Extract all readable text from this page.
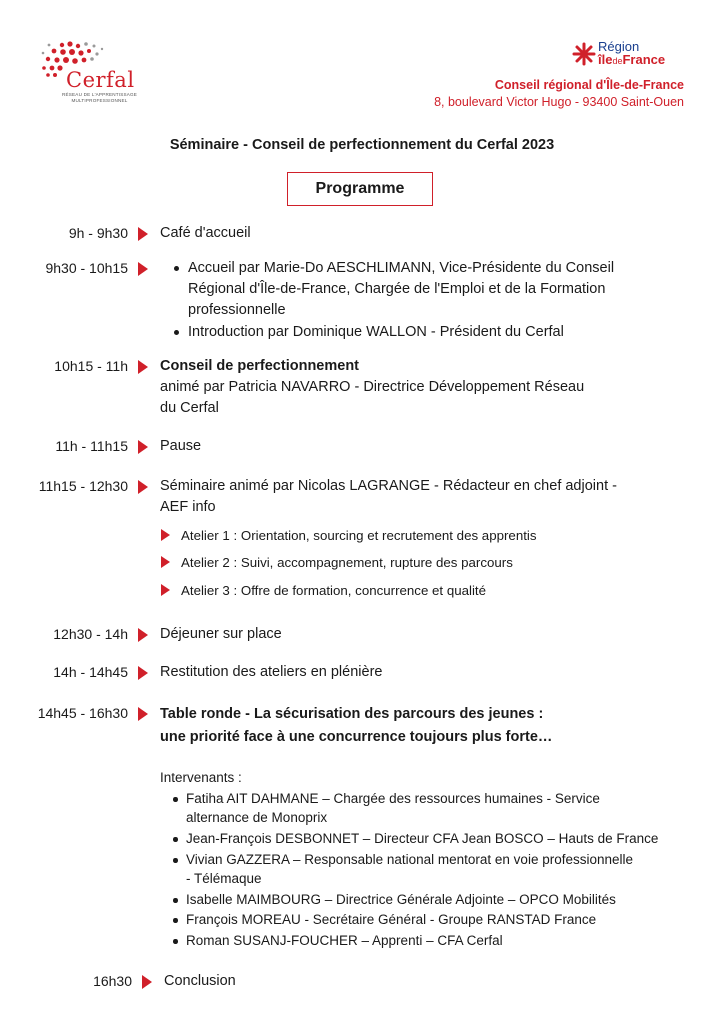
Cerfal
RÉSEAU DE L'APPRENTISSAGE
MULTIPROFESSIONNEL
Région
îledeFrance
Conseil régional d'Île-de-France
8, boulevard Victor Hugo - 93400 Saint-Ouen
Séminaire - Conseil de perfectionnement du Cerfal 2023
Programme
9h - 9h30 Café d'accueil
9h30 - 10h15	Accueil par Marie-Do AESCHLIMANN, Vice-Présidente du Conseil
Régional d'Île-de-France, Chargée de l'Emploi et de la Formation
professionnelle
Introduction par Dominique WALLON - Président du Cerfal
10h15 - 11h Conseil de perfectionnement
animé par Patricia NAVARRO - Directrice Développement Réseau
du Cerfal
11h - 11h15 Pause
11h15 - 12h30 Séminaire animé par Nicolas LAGRANGE - Rédacteur en chef adjoint -
AEF info
Atelier 1 : Orientation, sourcing et recrutement des apprentis
Atelier 2 : Suivi, accompagnement, rupture des parcours
Atelier 3 : Offre de formation, concurrence et qualité
12h30 - 14h Déjeuner sur place
14h - 14h45 Restitution des ateliers en plénière
14h45 - 16h30 Table ronde - La sécurisation des parcours des jeunes :
une priorité face à une concurrence toujours plus forte…
Intervenants :
Fatiha AIT DAHMANE – Chargée des ressources humaines - Service
alternance de Monoprix
Jean-François DESBONNET – Directeur CFA Jean BOSCO – Hauts de France
Vivian GAZZERA – Responsable national mentorat en voie professionnelle
- Télémaque
Isabelle MAIMBOURG – Directrice Générale Adjointe – OPCO Mobilités
François MOREAU - Secrétaire Général - Groupe RANSTAD France
Roman SUSANJ-FOUCHER – Apprenti – CFA Cerfal
16h30 Conclusion
